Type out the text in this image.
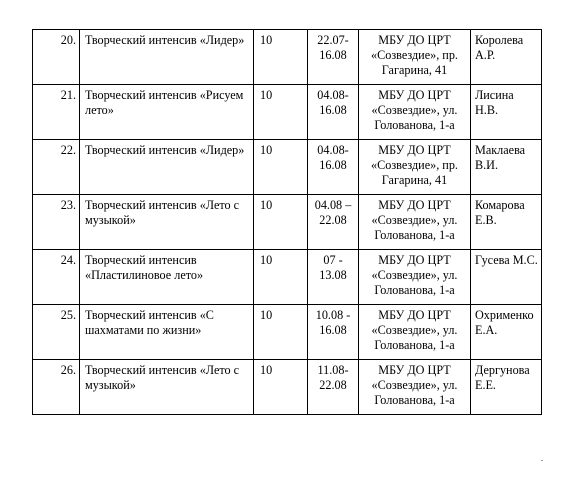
20.	Творческий интенсив «Лидер»	10	22.07-16.08	МБУ ДО ЦРТ «Созвездие», пр. Гагарина, 41	Королева А.Р.
21.	Творческий интенсив «Рисуем лето»	10	04.08-16.08	МБУ ДО ЦРТ «Созвездие», ул. Голованова, 1-а	Лисина Н.В.
22.	Творческий интенсив «Лидер»	10	04.08-16.08	МБУ ДО ЦРТ «Созвездие», пр. Гагарина, 41	Маклаева В.И.
23.	Творческий интенсив «Лето с музыкой»	10	04.08 – 22.08	МБУ ДО ЦРТ «Созвездие», ул. Голованова, 1-а	Комарова Е.В.
24.	Творческий интенсив «Пластилиновое лето»	10	07 - 13.08	МБУ ДО ЦРТ «Созвездие», ул. Голованова, 1-а	Гусева М.С.
25.	Творческий интенсив «С шахматами по жизни»	10	10.08 - 16.08	МБУ ДО ЦРТ «Созвездие», ул. Голованова, 1-а	Охрименко Е.А.
26.	Творческий интенсив «Лето с музыкой»	10	11.08-22.08	МБУ ДО ЦРТ «Созвездие», ул. Голованова, 1-а	Дергунова Е.Е.
